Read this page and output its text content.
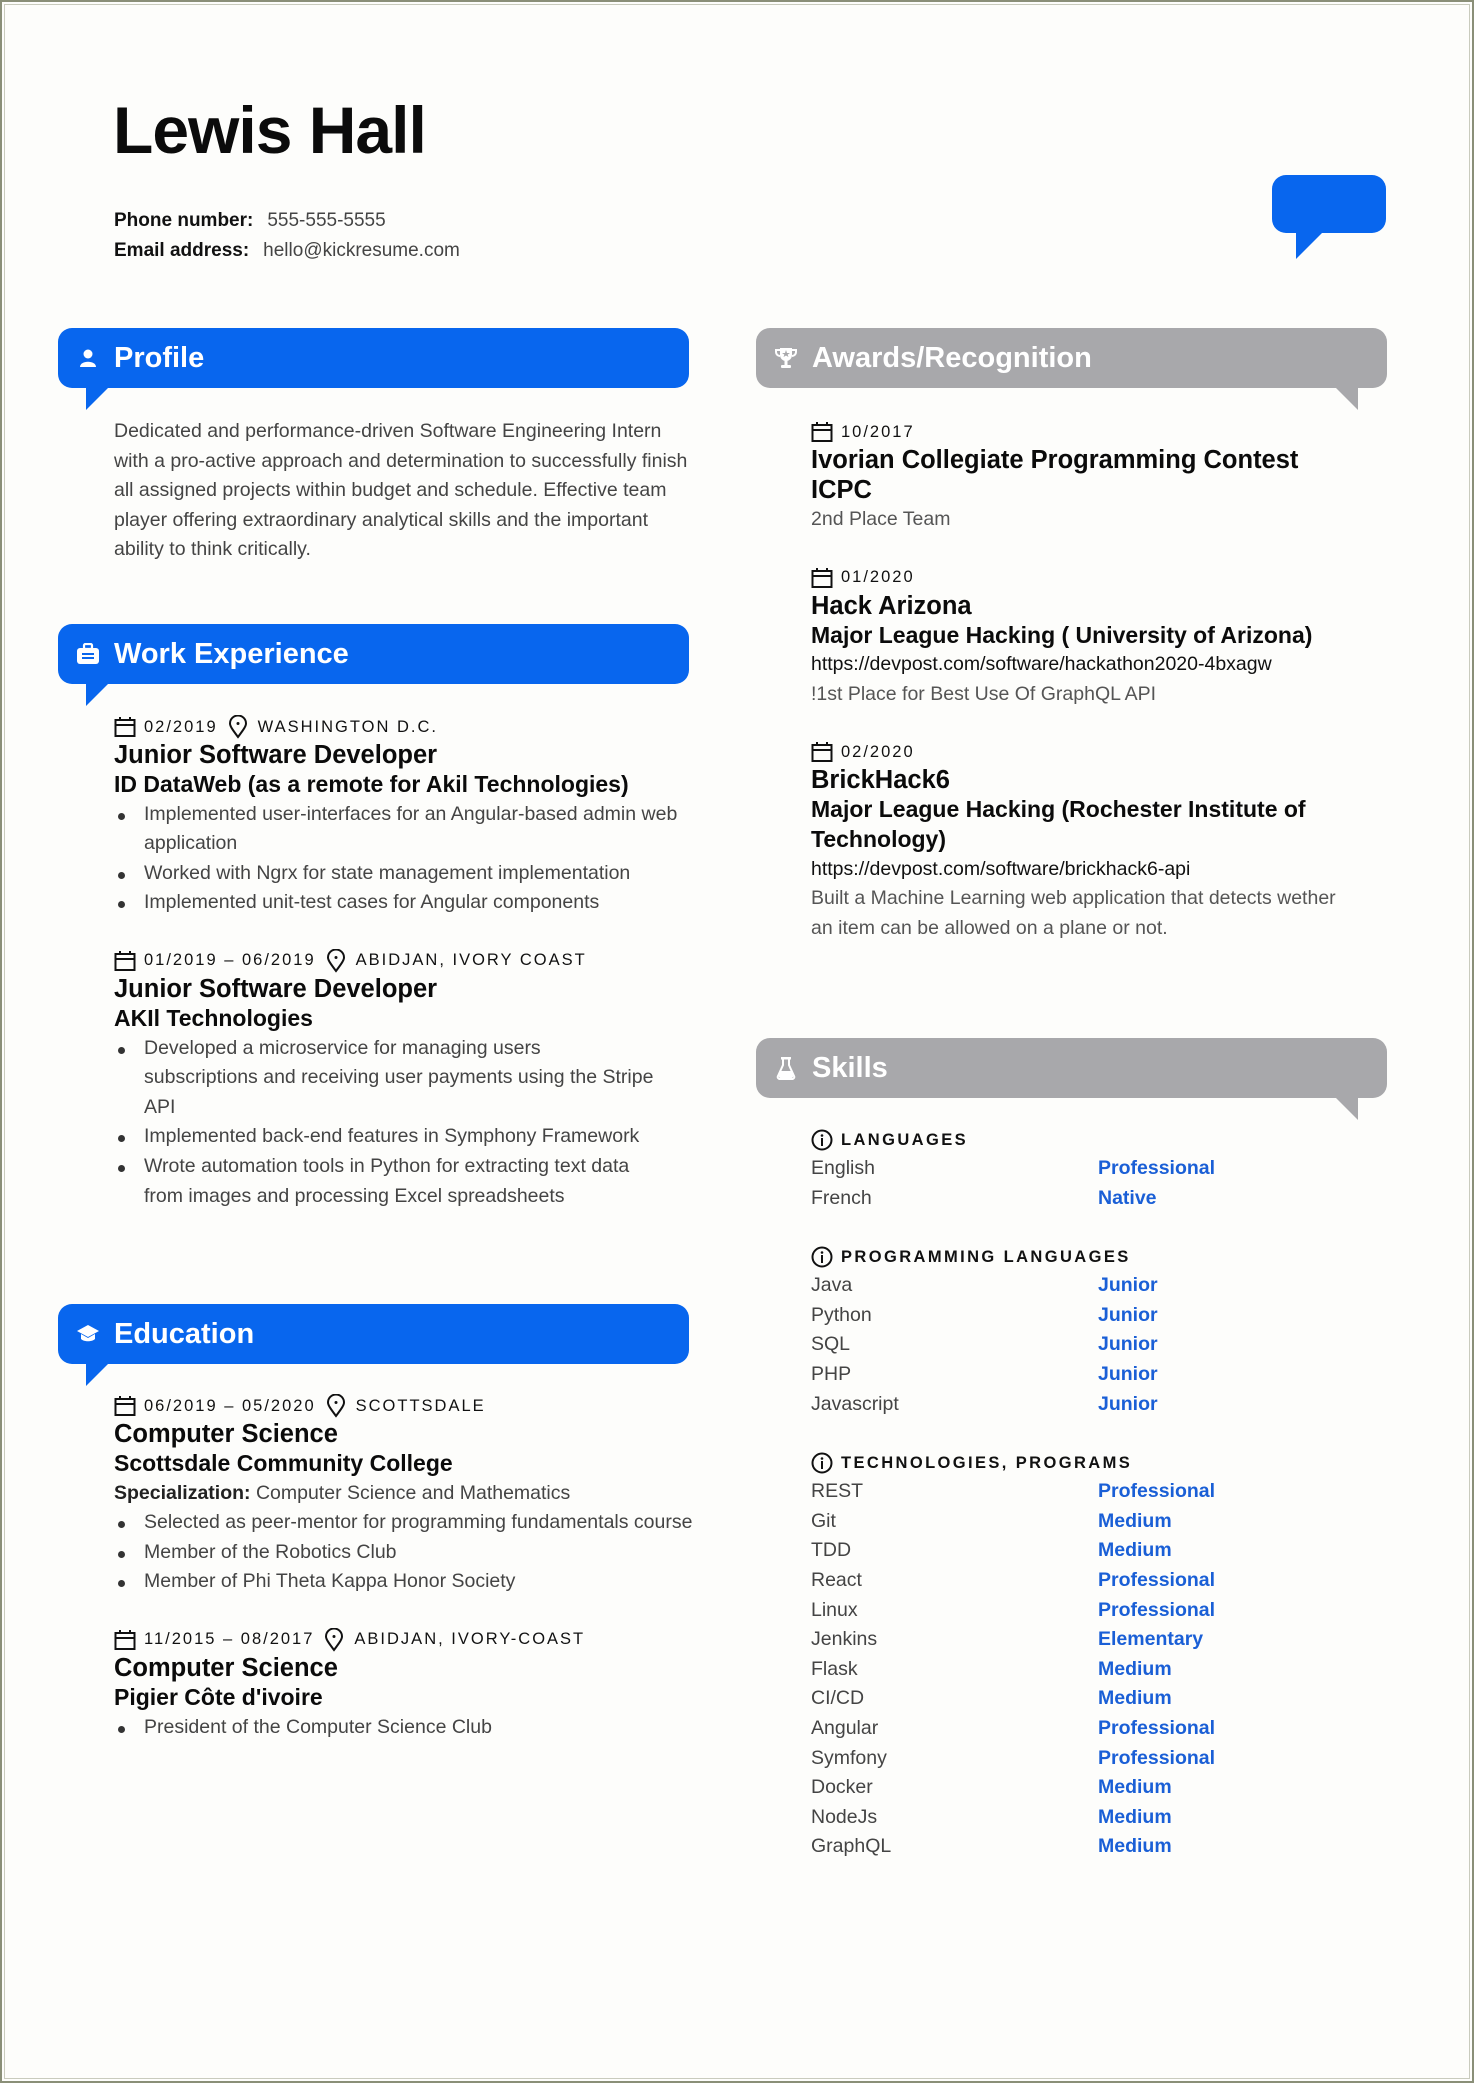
Lewis Hall
Phone number: 555-555-5555
Email address: hello@kickresume.com
Profile

Dedicated and performance-driven Software Engineering Intern with a pro-active approach and determination to successfully finish all assigned projects within budget and schedule. Effective team player offering extraordinary analytical skills and the important ability to think critically.

Work Experience
02/2019 WASHINGTON D.C.
Junior Software Developer
ID DataWeb (as a remote for Akil Technologies)
Implemented user-interfaces for an Angular-based admin web application
Worked with Ngrx for state management implementation
Implemented unit-test cases for Angular components
01/2019 – 06/2019 ABIDJAN, IVORY COAST
Junior Software Developer
AKIl Technologies
Developed a microservice for managing users subscriptions and receiving user payments using the Stripe API
Implemented back-end features in Symphony Framework
Wrote automation tools in Python for extracting text data from images and processing Excel spreadsheets
Education
06/2019 – 05/2020 SCOTTSDALE
Computer Science
Scottsdale Community College
Specialization: Computer Science and Mathematics
Selected as peer-mentor for programming fundamentals course
Member of the Robotics Club
Member of Phi Theta Kappa Honor Society
11/2015 – 08/2017 ABIDJAN, IVORY-COAST
Computer Science
Pigier Côte d'ivoire
President of the Computer Science Club
Awards/Recognition
10/2017
Ivorian Collegiate Programming Contest ICPC
2nd Place Team
01/2020
Hack Arizona
Major League Hacking ( University of Arizona)
https://devpost.com/software/hackathon2020-4bxagw
!1st Place for Best Use Of GraphQL API
02/2020
BrickHack6
Major League Hacking (Rochester Institute of Technology)
https://devpost.com/software/brickhack6-api
Built a Machine Learning web application that detects wether an item can be allowed on a plane or not.
Skills
LANGUAGES
English	Professional
French	Native
PROGRAMMING LANGUAGES
Java	Junior
Python	Junior
SQL	Junior
PHP	Junior
Javascript	Junior
TECHNOLOGIES, PROGRAMS
REST	Professional
Git	Medium
TDD	Medium
React	Professional
Linux	Professional
Jenkins	Elementary
Flask	Medium
CI/CD	Medium
Angular	Professional
Symfony	Professional
Docker	Medium
NodeJs	Medium
GraphQL	Medium
